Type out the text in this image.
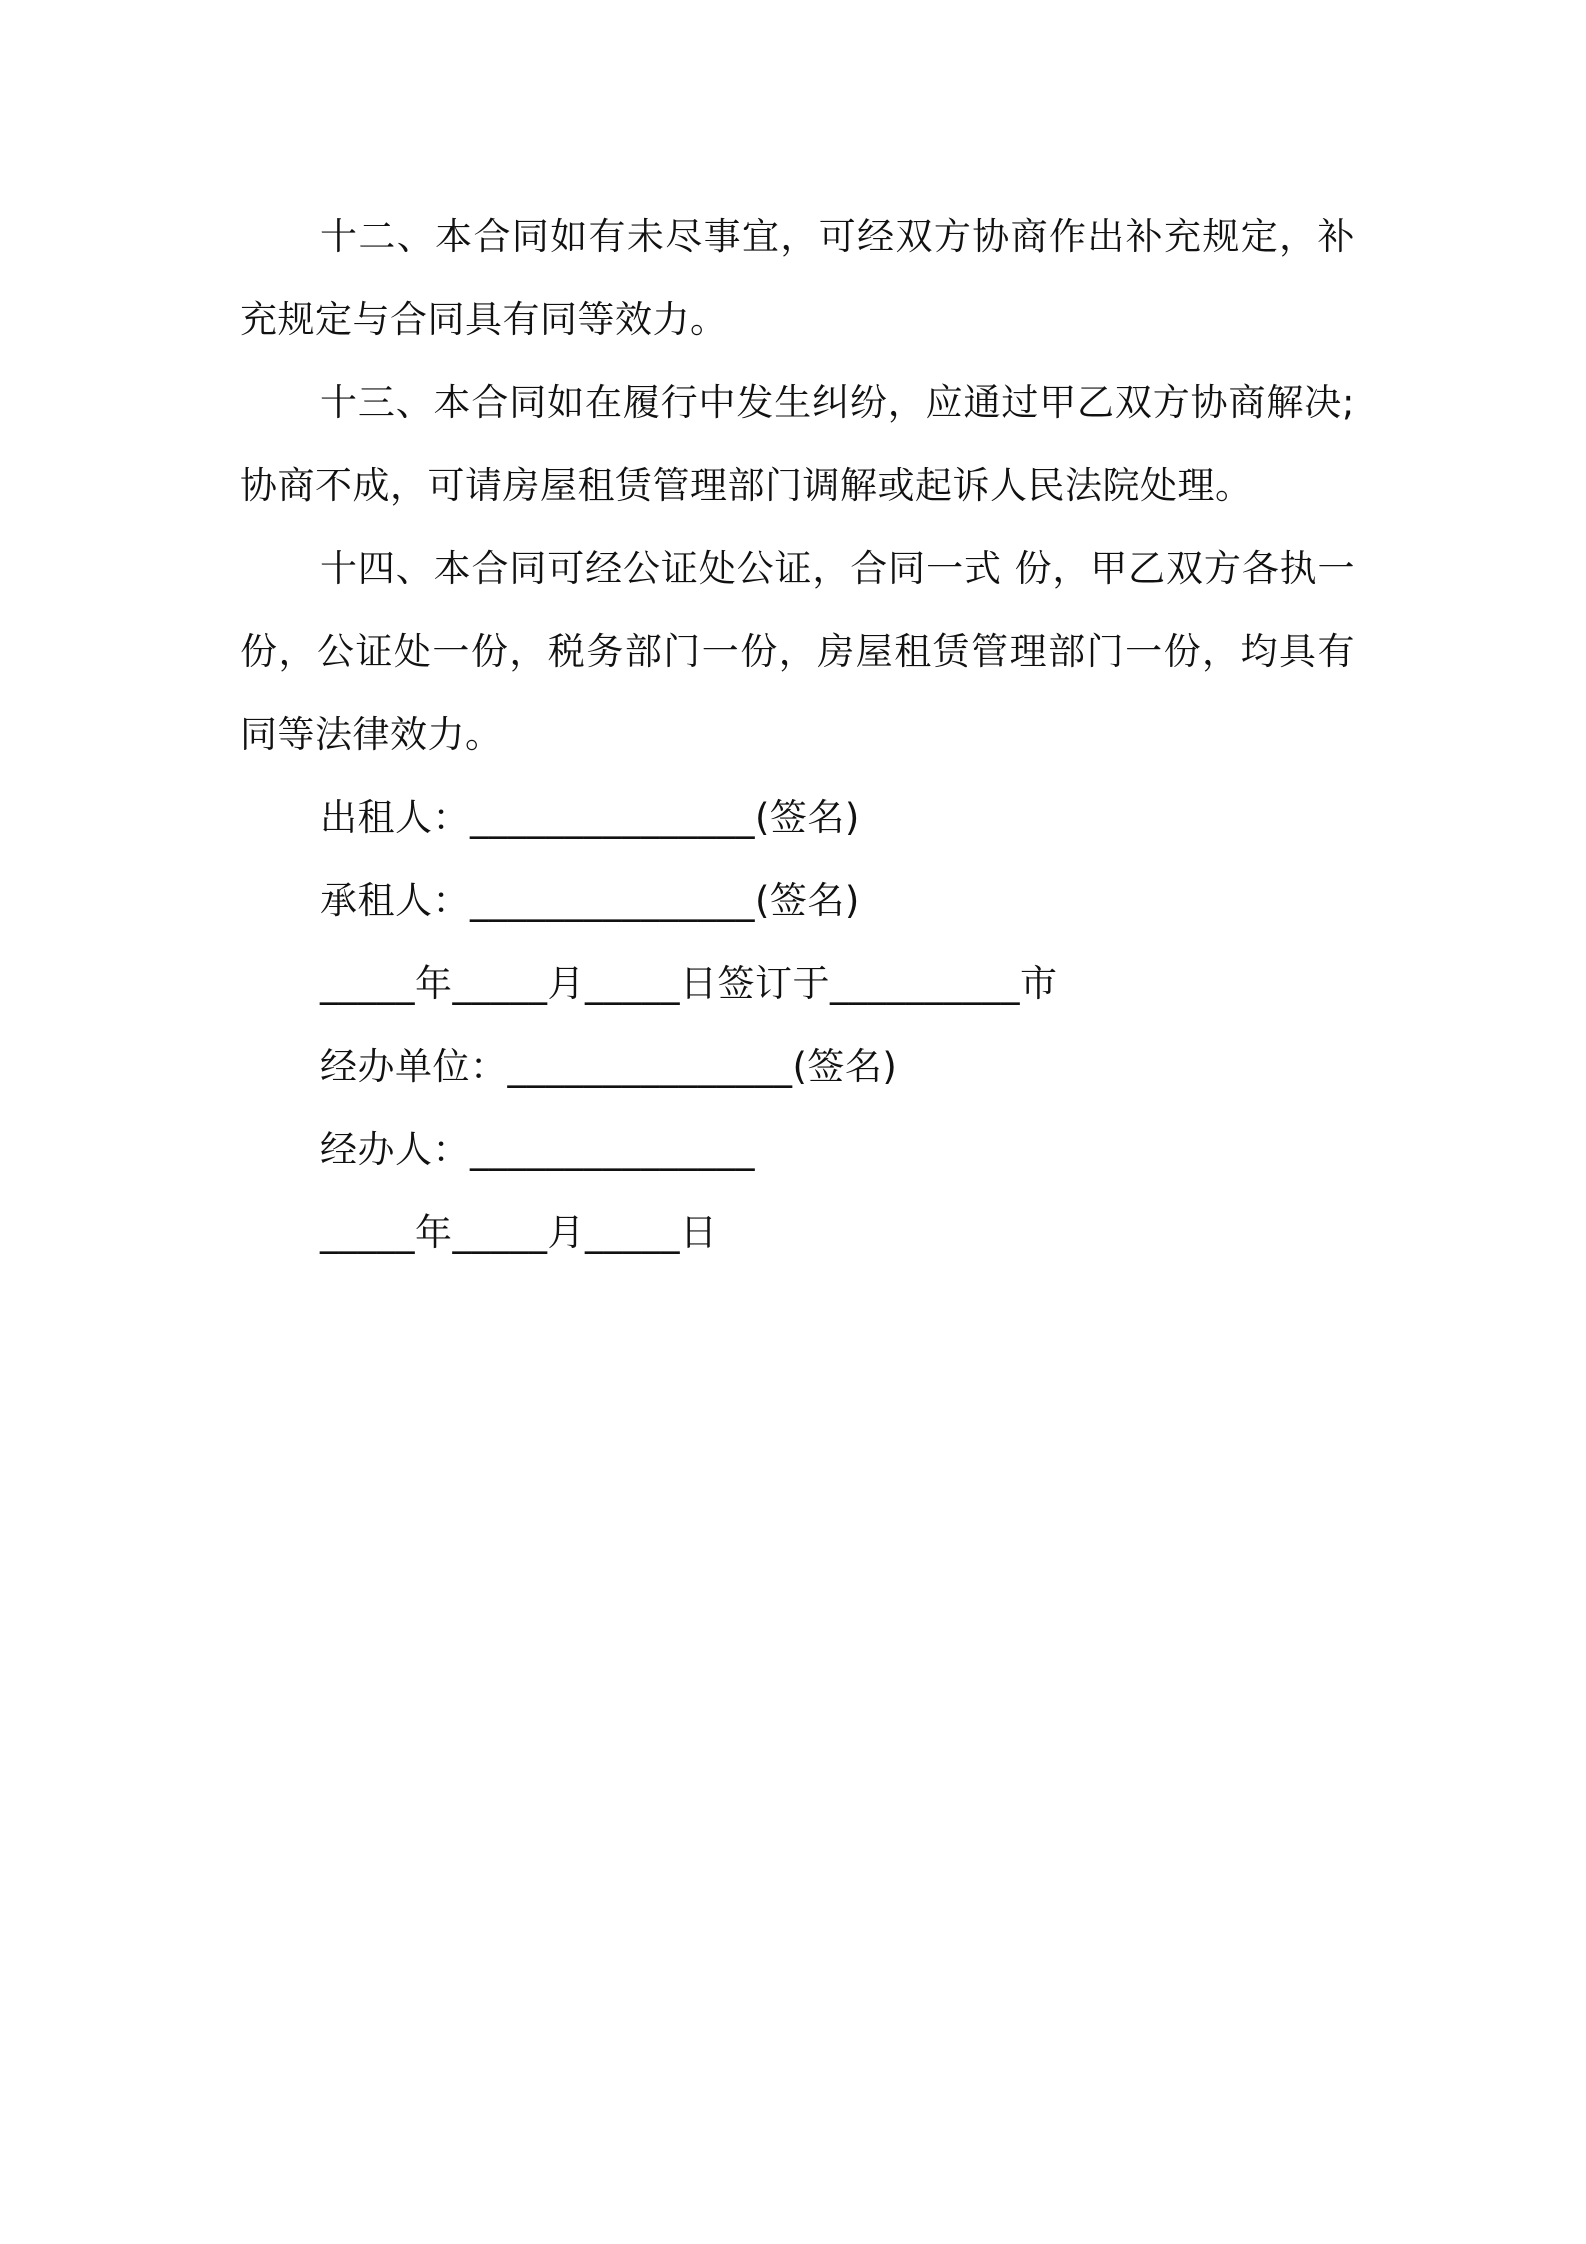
十二、本合同如有未尽事宜，可经双方协商作出补充规定，补充规定与合同具有同等效力。

十三、本合同如在履行中发生纠纷，应通过甲乙双方协商解决;协商不成，可请房屋租赁管理部门调解或起诉人民法院处理。

十四、本合同可经公证处公证，合同一式 份，甲乙双方各执一份，公证处一份，税务部门一份，房屋租赁管理部门一份，均具有同等法律效力。

出租人：_______________(签名)

承租人：_______________(签名)

_____年_____月_____日签订于__________市

经办单位：_______________(签名)

经办人：_______________

_____年_____月_____日
